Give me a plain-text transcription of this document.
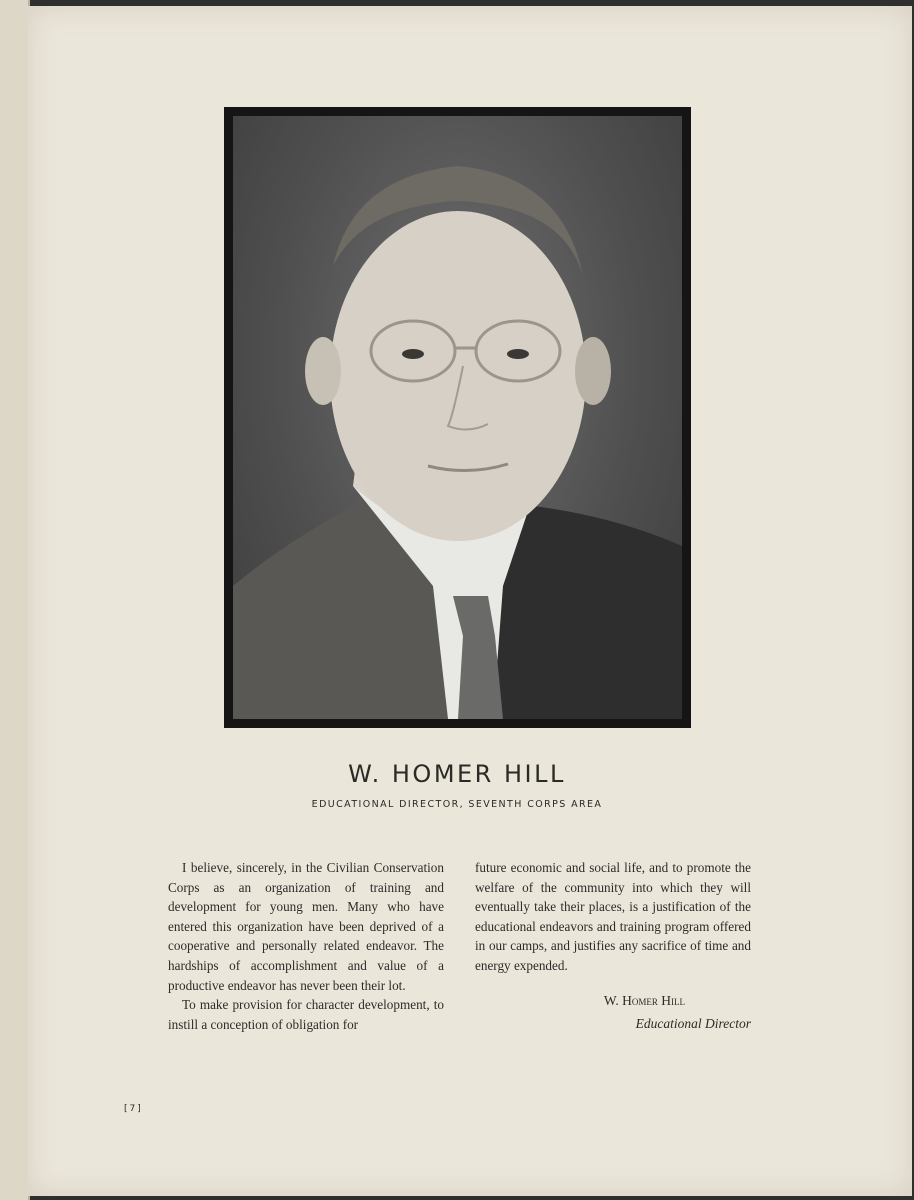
W. HOMER HILL
EDUCATIONAL DIRECTOR, SEVENTH CORPS AREA

I believe, sincerely, in the Civilian Conservation Corps as an organization of training and development for young men. Many who have entered this organization have been deprived of a cooperative and personally related endeavor. The hardships of accomplishment and value of a productive endeavor has never been their lot.

To make provision for character development, to instill a conception of obligation for

future economic and social life, and to promote the welfare of the community into which they will eventually take their places, is a justification of the educational endeavors and training program offered in our camps, and justifies any sacrifice of time and energy expended.

W. Homer Hill
Educational Director
[7]
